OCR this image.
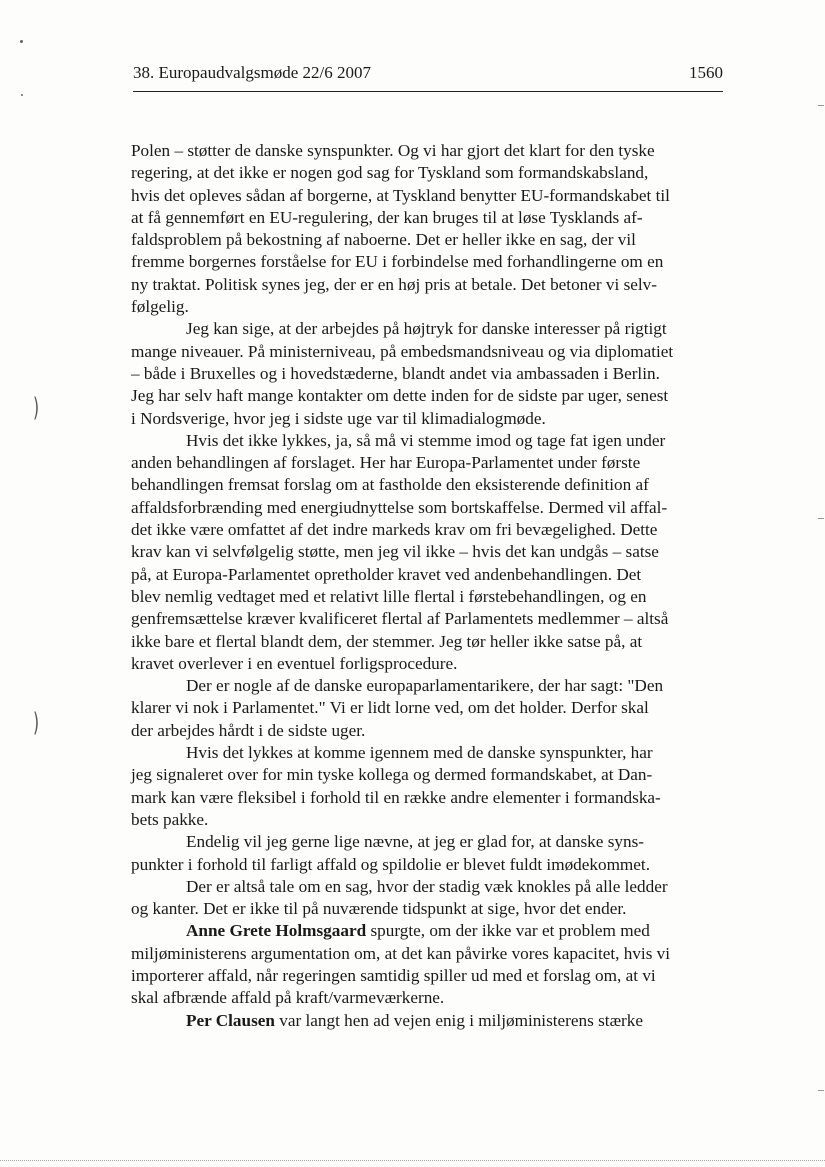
)
)
38. Europaudvalgsmøde 22/6 2007	1560
Polen – støtter de danske synspunkter. Og vi har gjort det klart for den tyske
regering, at det ikke er nogen god sag for Tyskland som formandskabsland,
hvis det opleves sådan af borgerne, at Tyskland benytter EU-formandskabet til
at få gennemført en EU-regulering, der kan bruges til at løse Tysklands af-
faldsproblem på bekostning af naboerne. Det er heller ikke en sag, der vil
fremme borgernes forståelse for EU i forbindelse med forhandlingerne om en
ny traktat. Politisk synes jeg, der er en høj pris at betale. Det betoner vi selv-
følgelig.
Jeg kan sige, at der arbejdes på højtryk for danske interesser på rigtigt
mange niveauer. På ministerniveau, på embedsmandsniveau og via diplomatiet
– både i Bruxelles og i hovedstæderne, blandt andet via ambassaden i Berlin.
Jeg har selv haft mange kontakter om dette inden for de sidste par uger, senest
i Nordsverige, hvor jeg i sidste uge var til klimadialogmøde.
Hvis det ikke lykkes, ja, så må vi stemme imod og tage fat igen under
anden behandlingen af forslaget. Her har Europa-Parlamentet under første
behandlingen fremsat forslag om at fastholde den eksisterende definition af
affaldsforbrænding med energiudnyttelse som bortskaffelse. Dermed vil affal-
det ikke være omfattet af det indre markeds krav om fri bevægelighed. Dette
krav kan vi selvfølgelig støtte, men jeg vil ikke – hvis det kan undgås – satse
på, at Europa-Parlamentet opretholder kravet ved andenbehandlingen. Det
blev nemlig vedtaget med et relativt lille flertal i førstebehandlingen, og en
genfremsættelse kræver kvalificeret flertal af Parlamentets medlemmer – altså
ikke bare et flertal blandt dem, der stemmer. Jeg tør heller ikke satse på, at
kravet overlever i en eventuel forligsprocedure.
Der er nogle af de danske europaparlamentarikere, der har sagt: "Den
klarer vi nok i Parlamentet." Vi er lidt lorne ved, om det holder. Derfor skal
der arbejdes hårdt i de sidste uger.
Hvis det lykkes at komme igennem med de danske synspunkter, har
jeg signaleret over for min tyske kollega og dermed formandskabet, at Dan-
mark kan være fleksibel i forhold til en række andre elementer i formandska-
bets pakke.
Endelig vil jeg gerne lige nævne, at jeg er glad for, at danske syns-
punkter i forhold til farligt affald og spildolie er blevet fuldt imødekommet.
Der er altså tale om en sag, hvor der stadig væk knokles på alle ledder
og kanter. Det er ikke til på nuværende tidspunkt at sige, hvor det ender.
Anne Grete Holmsgaard spurgte, om der ikke var et problem med
miljøministerens argumentation om, at det kan påvirke vores kapacitet, hvis vi
importerer affald, når regeringen samtidig spiller ud med et forslag om, at vi
skal afbrænde affald på kraft/varmeværkerne.
Per Clausen var langt hen ad vejen enig i miljøministerens stærke
